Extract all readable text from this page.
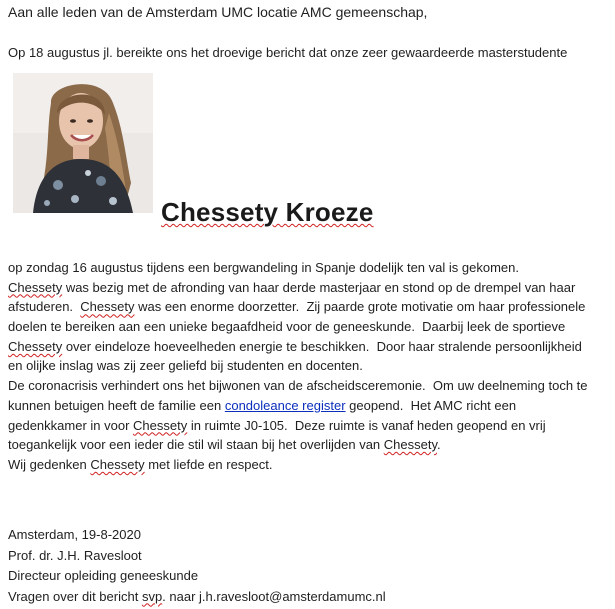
Aan alle leden van de Amsterdam UMC locatie AMC gemeenschap,
Op 18 augustus jl. bereikte ons het droevige bericht dat onze zeer gewaardeerde masterstudente
Chessety Kroeze
op zondag 16 augustus tijdens een bergwandeling in Spanje dodelijk ten val is gekomen.
Chessety was bezig met de afronding van haar derde masterjaar en stond op de drempel van haar
afstuderen.  Chessety was een enorme doorzetter.  Zij paarde grote motivatie om haar professionele
doelen te bereiken aan een unieke begaafdheid voor de geneeskunde.  Daarbij leek de sportieve
Chessety over eindeloze hoeveelheden energie te beschikken.  Door haar stralende persoonlijkheid
en olijke inslag was zij zeer geliefd bij studenten en docenten.
De coronacrisis verhindert ons het bijwonen van de afscheidsceremonie.  Om uw deelneming toch te
kunnen betuigen heeft de familie een condoleance register geopend.  Het AMC richt een
gedenkkamer in voor Chessety in ruimte J0-105.  Deze ruimte is vanaf heden geopend en vrij
toegankelijk voor een ieder die stil wil staan bij het overlijden van Chessety.
Wij gedenken Chessety met liefde en respect.
Amsterdam, 19-8-2020
Prof. dr. J.H. Ravesloot
Directeur opleiding geneeskunde
Vragen over dit bericht svp. naar j.h.ravesloot@amsterdamumc.nl
